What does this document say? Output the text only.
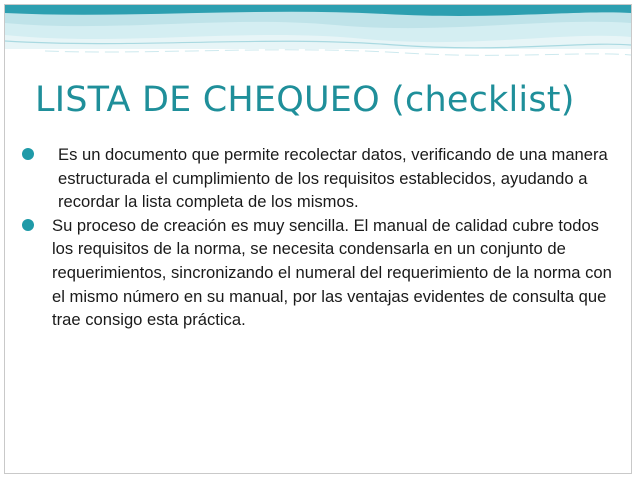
LISTA DE CHEQUEO (checklist)
Es un documento que permite recolectar datos, verificando de una manera estructurada el cumplimiento de los requisitos establecidos, ayudando a recordar la lista completa de los mismos.
Su proceso de creación es muy sencilla. El manual de calidad cubre todos los requisitos de la norma, se necesita condensarla en un conjunto de requerimientos, sincronizando el numeral del requerimiento de la norma con el mismo número en su manual, por las ventajas evidentes de consulta que trae consigo esta práctica.
